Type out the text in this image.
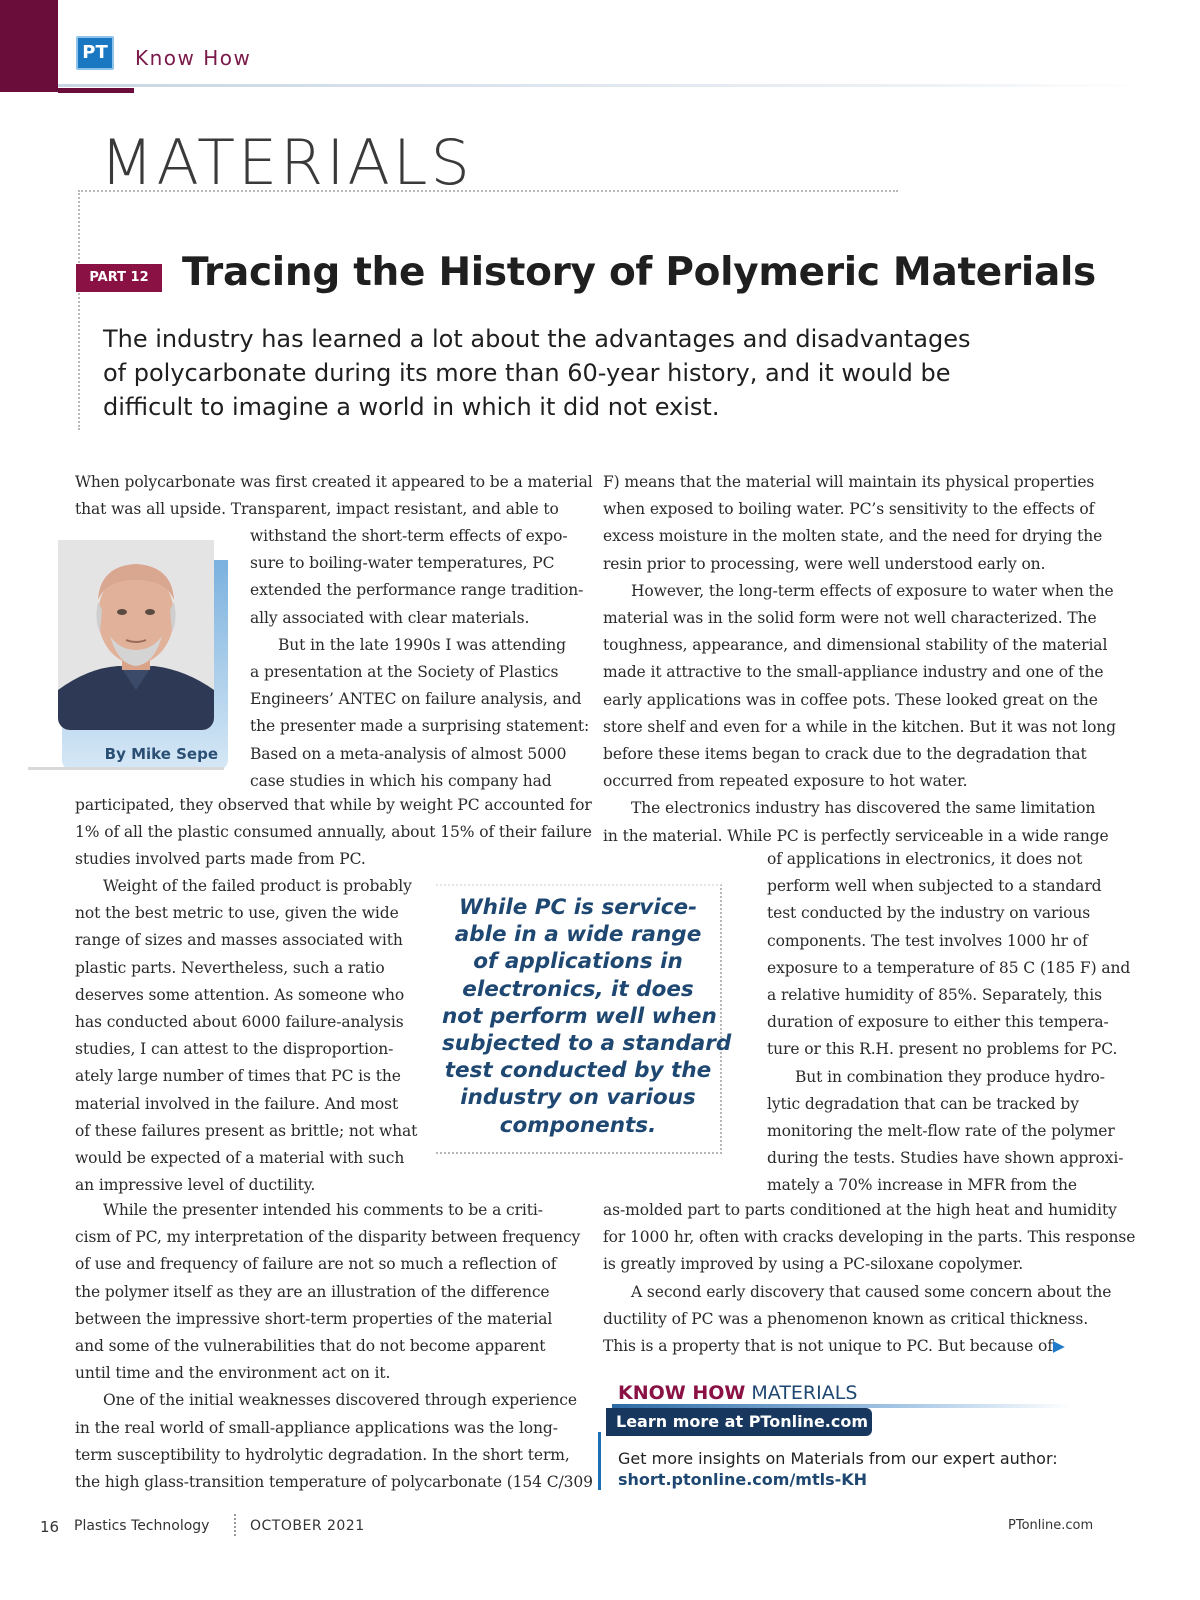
PT	Know How
MATERIALS
PART 12 Tracing the History of Polymeric Materials
The industry has learned a lot about the advantages and disadvantages of polycarbonate during its more than 60-year history, and it would be difficult to imagine a world in which it did not exist.
By Mike Sepe
When polycarbonate was first created it appeared to be a material
that was all upside. Transparent, impact resistant, and able to
withstand the short-term effects of expo-
sure to boiling-water temperatures, PC
extended the performance range tradition-
ally associated with clear materials.
But in the late 1990s I was attending
a presentation at the Society of Plastics
Engineers’ ANTEC on failure analysis, and
the presenter made a surprising statement:
Based on a meta-analysis of almost 5000
case studies in which his company had
participated, they observed that while by weight PC accounted for
1% of all the plastic consumed annually, about 15% of their failure
studies involved parts made from PC.
Weight of the failed product is probably
not the best metric to use, given the wide
range of sizes and masses associated with
plastic parts. Nevertheless, such a ratio
deserves some attention. As someone who
has conducted about 6000 failure-analysis
studies, I can attest to the disproportion-
ately large number of times that PC is the
material involved in the failure. And most
of these failures present as brittle; not what
would be expected of a material with such
an impressive level of ductility.
While the presenter intended his comments to be a criti-
cism of PC, my interpretation of the disparity between frequency
of use and frequency of failure are not so much a reflection of
the polymer itself as they are an illustration of the difference
between the impressive short-term properties of the material
and some of the vulnerabilities that do not become apparent
until time and the environment act on it.
One of the initial weaknesses discovered through experience
in the real world of small-appliance applications was the long-
term susceptibility to hydrolytic degradation. In the short term,
the high glass-transition temperature of polycarbonate (154 C/309
While PC is service-
able in a wide range
of applications in
electronics, it does
not perform well when
subjected to a standard
test conducted by the
industry on various
components.
F) means that the material will maintain its physical properties
when exposed to boiling water. PC’s sensitivity to the effects of
excess moisture in the molten state, and the need for drying the
resin prior to processing, were well understood early on.
However, the long-term effects of exposure to water when the
material was in the solid form were not well characterized. The
toughness, appearance, and dimensional stability of the material
made it attractive to the small-appliance industry and one of the
early applications was in coffee pots. These looked great on the
store shelf and even for a while in the kitchen. But it was not long
before these items began to crack due to the degradation that
occurred from repeated exposure to hot water.
The electronics industry has discovered the same limitation
in the material. While PC is perfectly serviceable in a wide range
of applications in electronics, it does not
perform well when subjected to a standard
test conducted by the industry on various
components. The test involves 1000 hr of
exposure to a temperature of 85 C (185 F) and
a relative humidity of 85%. Separately, this
duration of exposure to either this tempera-
ture or this R.H. present no problems for PC.
But in combination they produce hydro-
lytic degradation that can be tracked by
monitoring the melt-flow rate of the polymer
during the tests. Studies have shown approxi-
mately a 70% increase in MFR from the
as-molded part to parts conditioned at the high heat and humidity
for 1000 hr, often with cracks developing in the parts. This response
is greatly improved by using a PC-siloxane copolymer.
A second early discovery that caused some concern about the
ductility of PC was a phenomenon known as critical thickness.
This is a property that is not unique to PC. But because of▶
KNOW HOW MATERIALS
Learn more at PTonline.com
Get more insights on Materials from our expert author:
short.ptonline.com/mtls-KH
16 Plastics Technology	OCTOBER 2021	PTonline.com
